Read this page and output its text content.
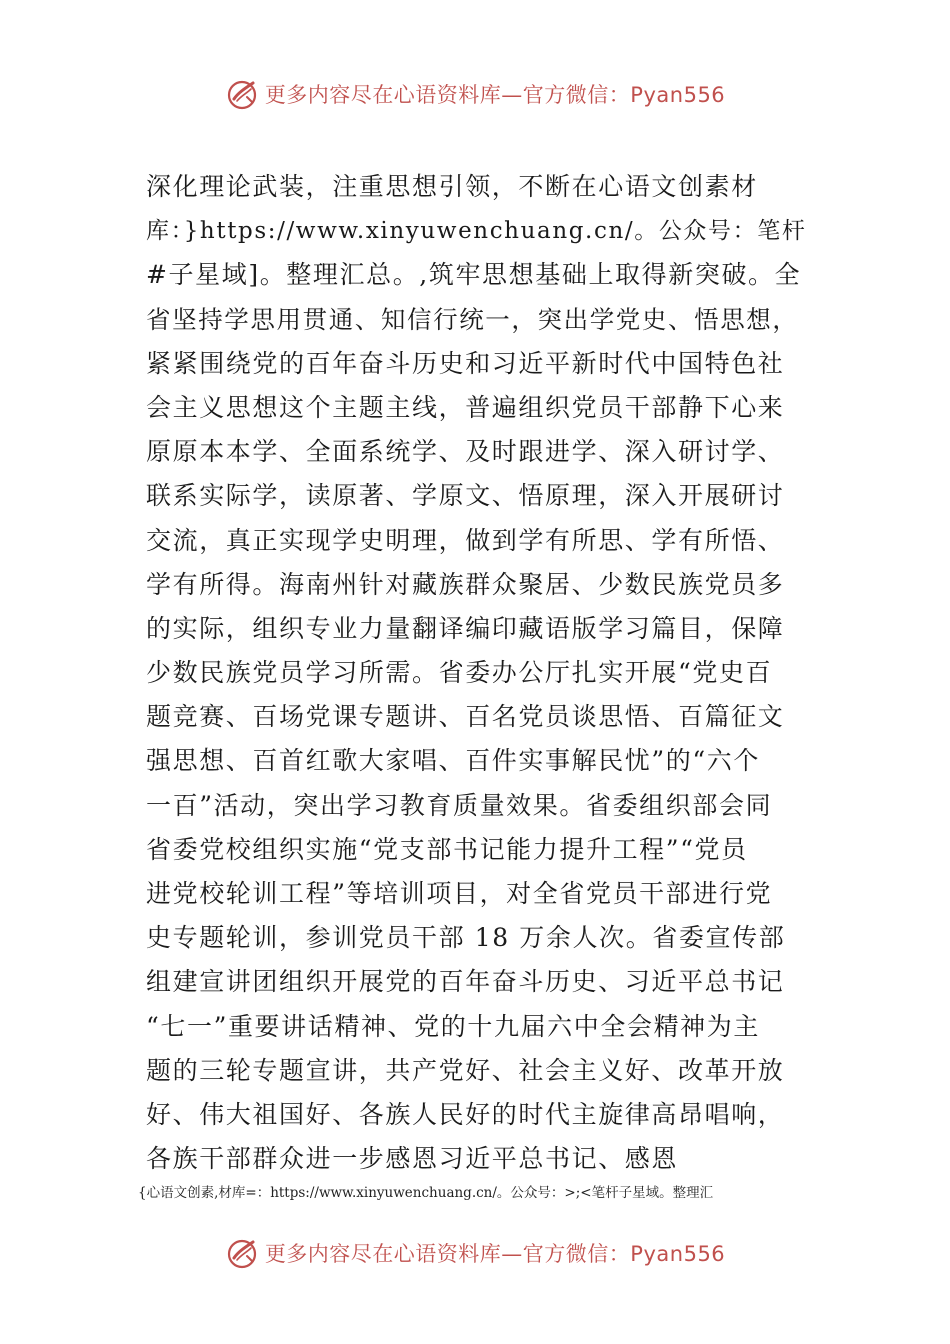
更多内容尽在心语资料库—官方微信：Pyan556
深化理论武装，注重思想引领，不断在心语文创素材
库：}https://www.xinyuwenchuang.cn/。公众号：笔杆
#子星域]。整理汇总。,筑牢思想基础上取得新突破。全
省坚持学思用贯通、知信行统一，突出学党史、悟思想，
紧紧围绕党的百年奋斗历史和习近平新时代中国特色社
会主义思想这个主题主线，普遍组织党员干部静下心来
原原本本学、全面系统学、及时跟进学、深入研讨学、
联系实际学，读原著、学原文、悟原理，深入开展研讨
交流，真正实现学史明理，做到学有所思、学有所悟、
学有所得。海南州针对藏族群众聚居、少数民族党员多
的实际，组织专业力量翻译编印藏语版学习篇目，保障
少数民族党员学习所需。省委办公厅扎实开展“党史百
题竞赛、百场党课专题讲、百名党员谈思悟、百篇征文
强思想、百首红歌大家唱、百件实事解民忧”的“六个
一百”活动，突出学习教育质量效果。省委组织部会同
省委党校组织实施“党支部书记能力提升工程”“党员
进党校轮训工程”等培训项目，对全省党员干部进行党
史专题轮训，参训党员干部 18 万余人次。省委宣传部
组建宣讲团组织开展党的百年奋斗历史、习近平总书记
“七一”重要讲话精神、党的十九届六中全会精神为主
题的三轮专题宣讲，共产党好、社会主义好、改革开放
好、伟大祖国好、各族人民好的时代主旋律高昂唱响，
各族干部群众进一步感恩习近平总书记、感恩
{心语文创素,材库=：https://www.xinyuwenchuang.cn/。公众号：>;<笔杆子星域。整理汇
更多内容尽在心语资料库—官方微信：Pyan556
